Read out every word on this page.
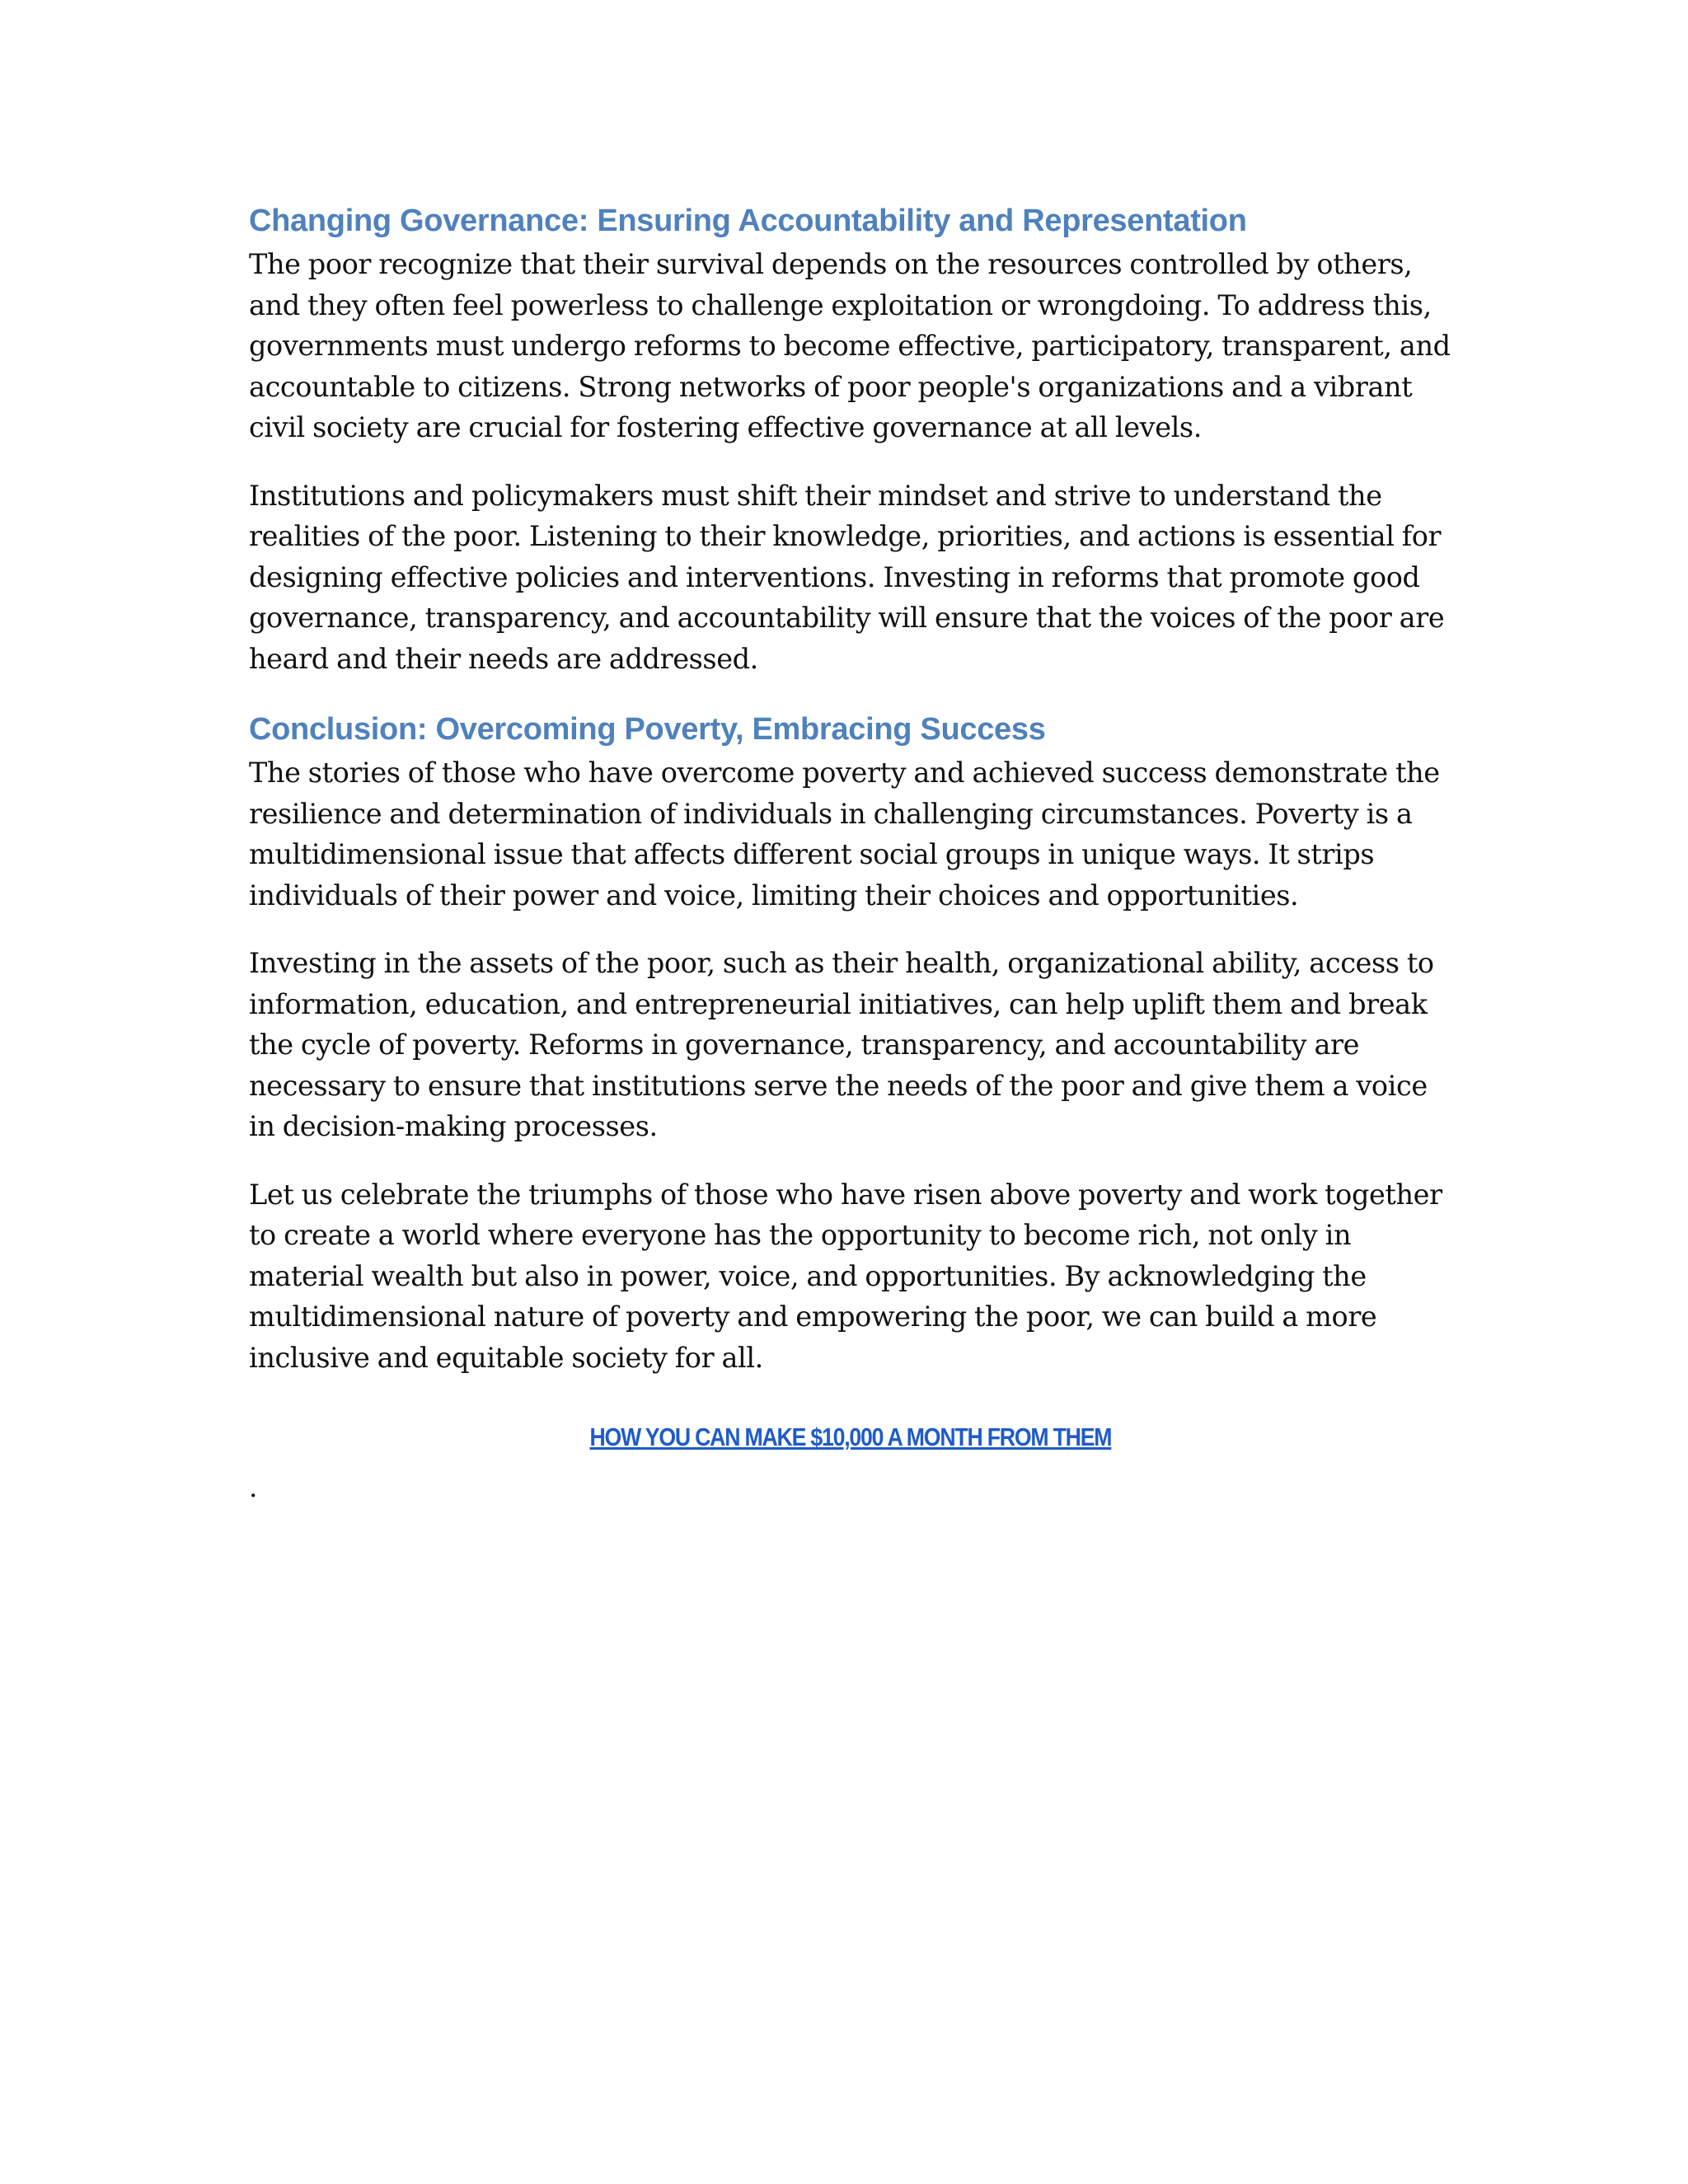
Changing Governance: Ensuring Accountability and Representation

The poor recognize that their survival depends on the resources controlled by others, and they often feel powerless to challenge exploitation or wrongdoing. To address this, governments must undergo reforms to become effective, participatory, transparent, and accountable to citizens. Strong networks of poor people's organizations and a vibrant civil society are crucial for fostering effective governance at all levels.

Institutions and policymakers must shift their mindset and strive to understand the realities of the poor. Listening to their knowledge, priorities, and actions is essential for designing effective policies and interventions. Investing in reforms that promote good governance, transparency, and accountability will ensure that the voices of the poor are heard and their needs are addressed.

Conclusion: Overcoming Poverty, Embracing Success

The stories of those who have overcome poverty and achieved success demonstrate the resilience and determination of individuals in challenging circumstances. Poverty is a multidimensional issue that affects different social groups in unique ways. It strips individuals of their power and voice, limiting their choices and opportunities.

Investing in the assets of the poor, such as their health, organizational ability, access to information, education, and entrepreneurial initiatives, can help uplift them and break the cycle of poverty. Reforms in governance, transparency, and accountability are necessary to ensure that institutions serve the needs of the poor and give them a voice in decision-making processes.

Let us celebrate the triumphs of those who have risen above poverty and work together to create a world where everyone has the opportunity to become rich, not only in material wealth but also in power, voice, and opportunities. By acknowledging the multidimensional nature of poverty and empowering the poor, we can build a more inclusive and equitable society for all.

HOW YOU CAN MAKE $10,000 A MONTH FROM THEM
.
